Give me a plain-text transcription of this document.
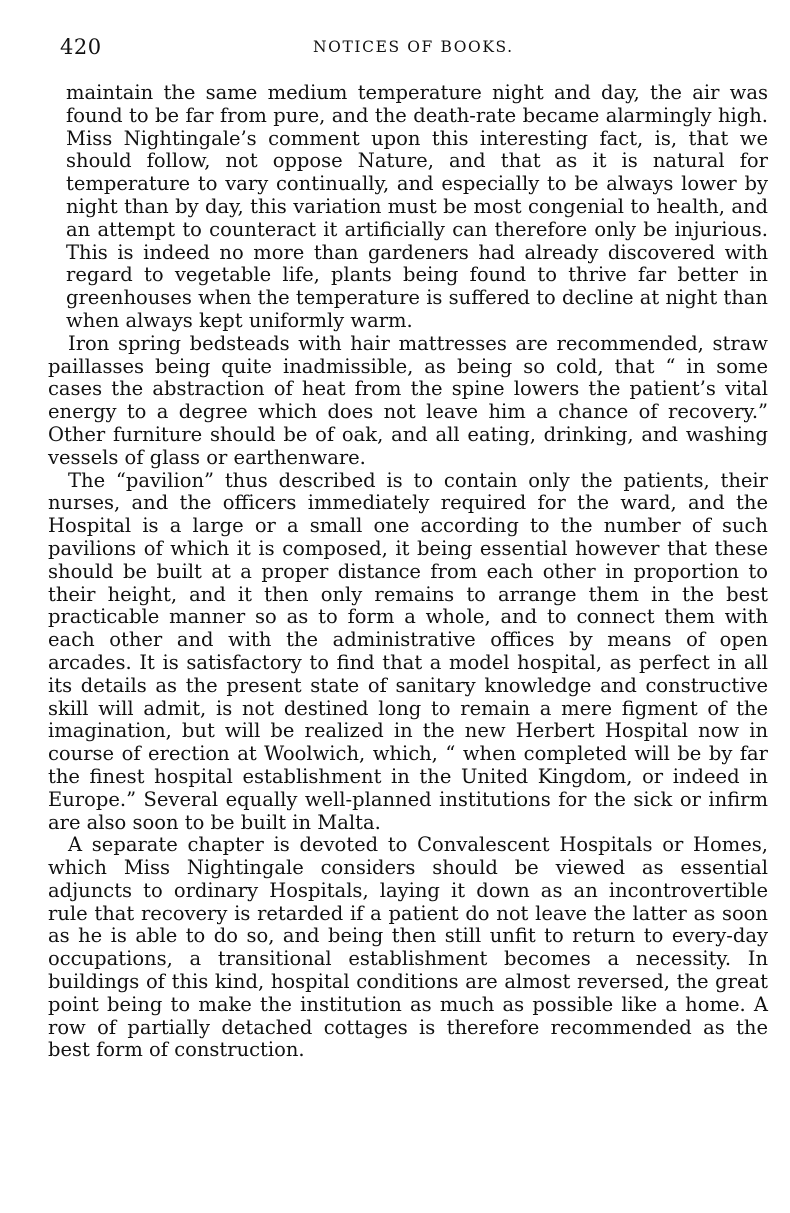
420	NOTICES OF BOOKS.

maintain the same medium temperature night and day, the air was found to be far from pure, and the death-rate became alarmingly high. Miss Nightingale’s comment upon this interesting fact, is, that we should follow, not oppose Nature, and that as it is natural for temperature to vary continually, and especially to be always lower by night than by day, this variation must be most congenial to health, and an attempt to counteract it artificially can therefore only be injurious. This is indeed no more than gardeners had already discovered with regard to vegetable life, plants being found to thrive far better in greenhouses when the temperature is suffered to decline at night than when always kept uniformly warm.

Iron spring bedsteads with hair mattresses are recommended, straw paillasses being quite inadmissible, as being so cold, that “ in some cases the abstraction of heat from the spine lowers the patient’s vital energy to a degree which does not leave him a chance of recovery.” Other furniture should be of oak, and all eating, drinking, and washing vessels of glass or earthenware.

The “pavilion” thus described is to contain only the patients, their nurses, and the officers immediately required for the ward, and the Hospital is a large or a small one according to the number of such pavilions of which it is composed, it being essential however that these should be built at a proper distance from each other in proportion to their height, and it then only remains to arrange them in the best practicable manner so as to form a whole, and to connect them with each other and with the administrative offices by means of open arcades. It is satisfactory to find that a model hospital, as perfect in all its details as the present state of sanitary knowledge and constructive skill will admit, is not destined long to remain a mere figment of the imagination, but will be realized in the new Herbert Hospital now in course of erection at Woolwich, which, “ when completed will be by far the finest hospital establishment in the United Kingdom, or indeed in Europe.” Several equally well-planned institutions for the sick or infirm are also soon to be built in Malta.

A separate chapter is devoted to Convalescent Hospitals or Homes, which Miss Nightingale considers should be viewed as essential adjuncts to ordinary Hospitals, laying it down as an incontrovertible rule that recovery is retarded if a patient do not leave the latter as soon as he is able to do so, and being then still unfit to return to every-day occupations, a transitional establishment becomes a necessity. In buildings of this kind, hospital conditions are almost reversed, the great point being to make the institution as much as possible like a home. A row of partially detached cottages is therefore recommended as the best form of construction.
